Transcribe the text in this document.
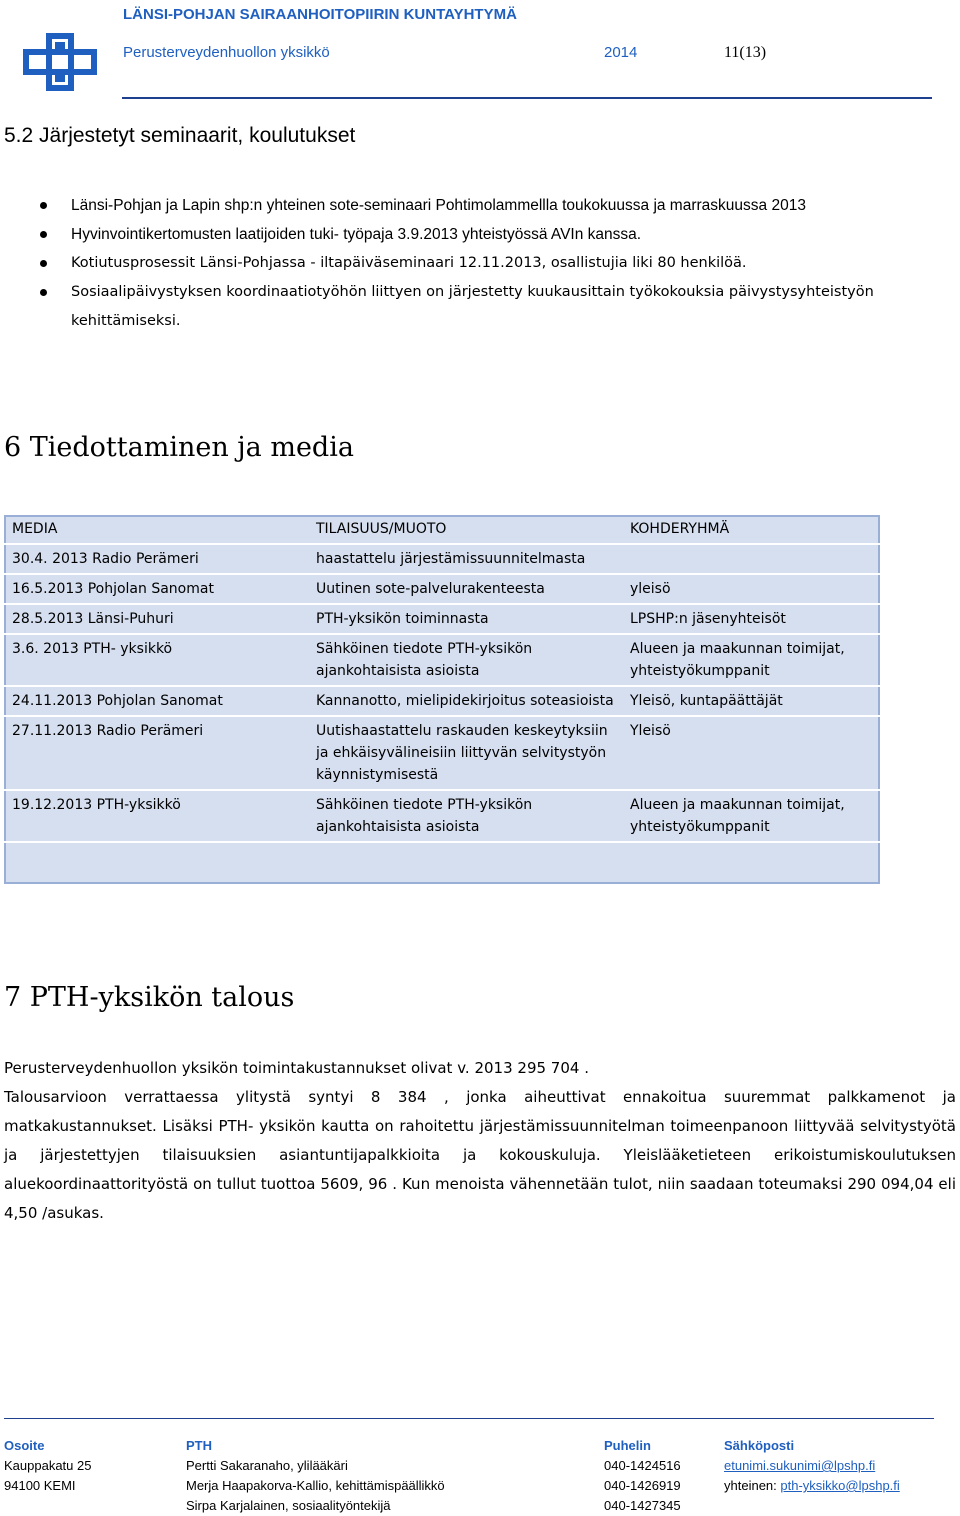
LÄNSI-POHJAN SAIRAANHOITOPIIRIN KUNTAYHTYMÄ
Perusterveydenhuollon yksikkö	2014	11(13)
5.2 Järjestetyt seminaarit, koulutukset
Länsi-Pohjan ja Lapin shp:n yhteinen sote-seminaari Pohtimolammellla toukokuussa ja marraskuussa 2013
Hyvinvointikertomusten laatijoiden tuki- työpaja 3.9.2013 yhteistyössä AVIn kanssa.
Kotiutusprosessit Länsi-Pohjassa - iltapäiväseminaari 12.11.2013, osallistujia liki 80 henkilöä.
Sosiaalipäivystyksen koordinaatiotyöhön liittyen on järjestetty kuukausittain työkokouksia päivystysyhteistyön kehittämiseksi.
6 Tiedottaminen ja media
MEDIA	TILAISUUS/MUOTO	KOHDERYHMÄ
30.4. 2013 Radio Perämeri	haastattelu järjestämissuunnitelmasta	
16.5.2013 Pohjolan Sanomat	Uutinen sote-palvelurakenteesta	yleisö
28.5.2013 Länsi-Puhuri	PTH-yksikön toiminnasta	LPSHP:n jäsenyhteisöt
3.6. 2013 PTH- yksikkö	Sähköinen tiedote PTH-yksikön ajankohtaisista asioista	Alueen ja maakunnan toimijat, yhteistyökumppanit
24.11.2013 Pohjolan Sanomat	Kannanotto, mielipidekirjoitus soteasioista	Yleisö, kuntapäättäjät
27.11.2013 Radio Perämeri	Uutishaastattelu raskauden keskeytyksiin ja ehkäisyvälineisiin liittyvän selvitystyön käynnistymisestä	Yleisö
19.12.2013 PTH-yksikkö	Sähköinen tiedote PTH-yksikön ajankohtaisista asioista	Alueen ja maakunnan toimijat, yhteistyökumppanit
7 PTH-yksikön talous
Perusterveydenhuollon yksikön toimintakustannukset olivat v. 2013 295 704 .
Talousarvioon verrattaessa ylitystä syntyi 8 384 , jonka aiheuttivat ennakoitua suuremmat palkkamenot ja matkakustannukset. Lisäksi PTH- yksikön kautta on rahoitettu järjestämissuunnitelman toimeenpanoon liittyvää selvitystyötä ja järjestettyjen tilaisuuksien asiantuntijapalkkioita ja kokouskuluja. Yleislääketieteen erikoistumiskoulutuksen aluekoordinaattorityöstä on tullut tuottoa 5609, 96 . Kun menoista vähennetään tulot, niin saadaan toteumaksi 290 094,04 eli 4,50 /asukas.
Osoite
Kauppakatu 25
94100 KEMI
PTH
Pertti Sakaranaho, ylilääkäri
Merja Haapakorva-Kallio, kehittämispäällikkö
Sirpa Karjalainen, sosiaalityöntekijä
Puhelin
040-1424516
040-1426919
040-1427345
Sähköposti
etunimi.sukunimi@lpshp.fi
yhteinen: pth-yksikko@lpshp.fi
